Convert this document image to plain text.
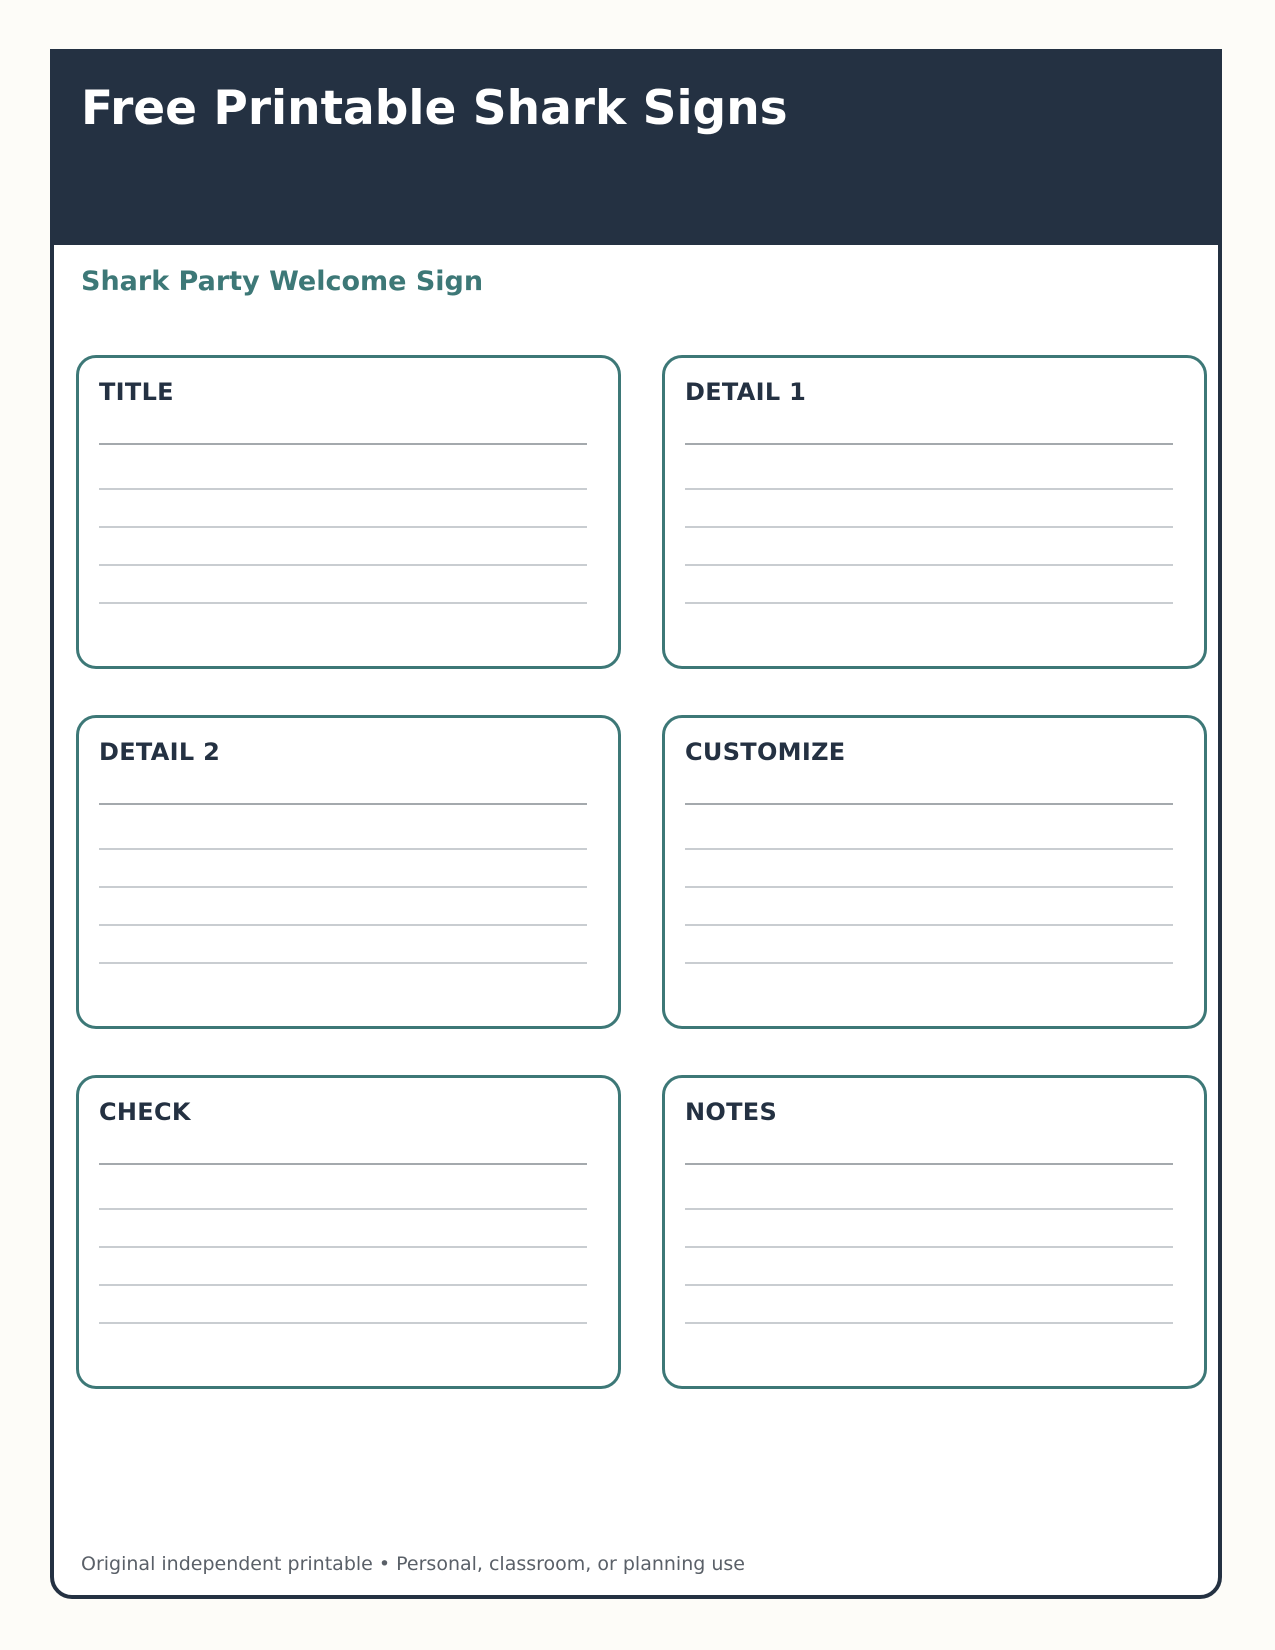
Free Printable Shark Signs
Shark Party Welcome Sign
TITLE	DETAIL 1
DETAIL 2	CUSTOMIZE
CHECK	NOTES
Original independent printable • Personal, classroom, or planning use
